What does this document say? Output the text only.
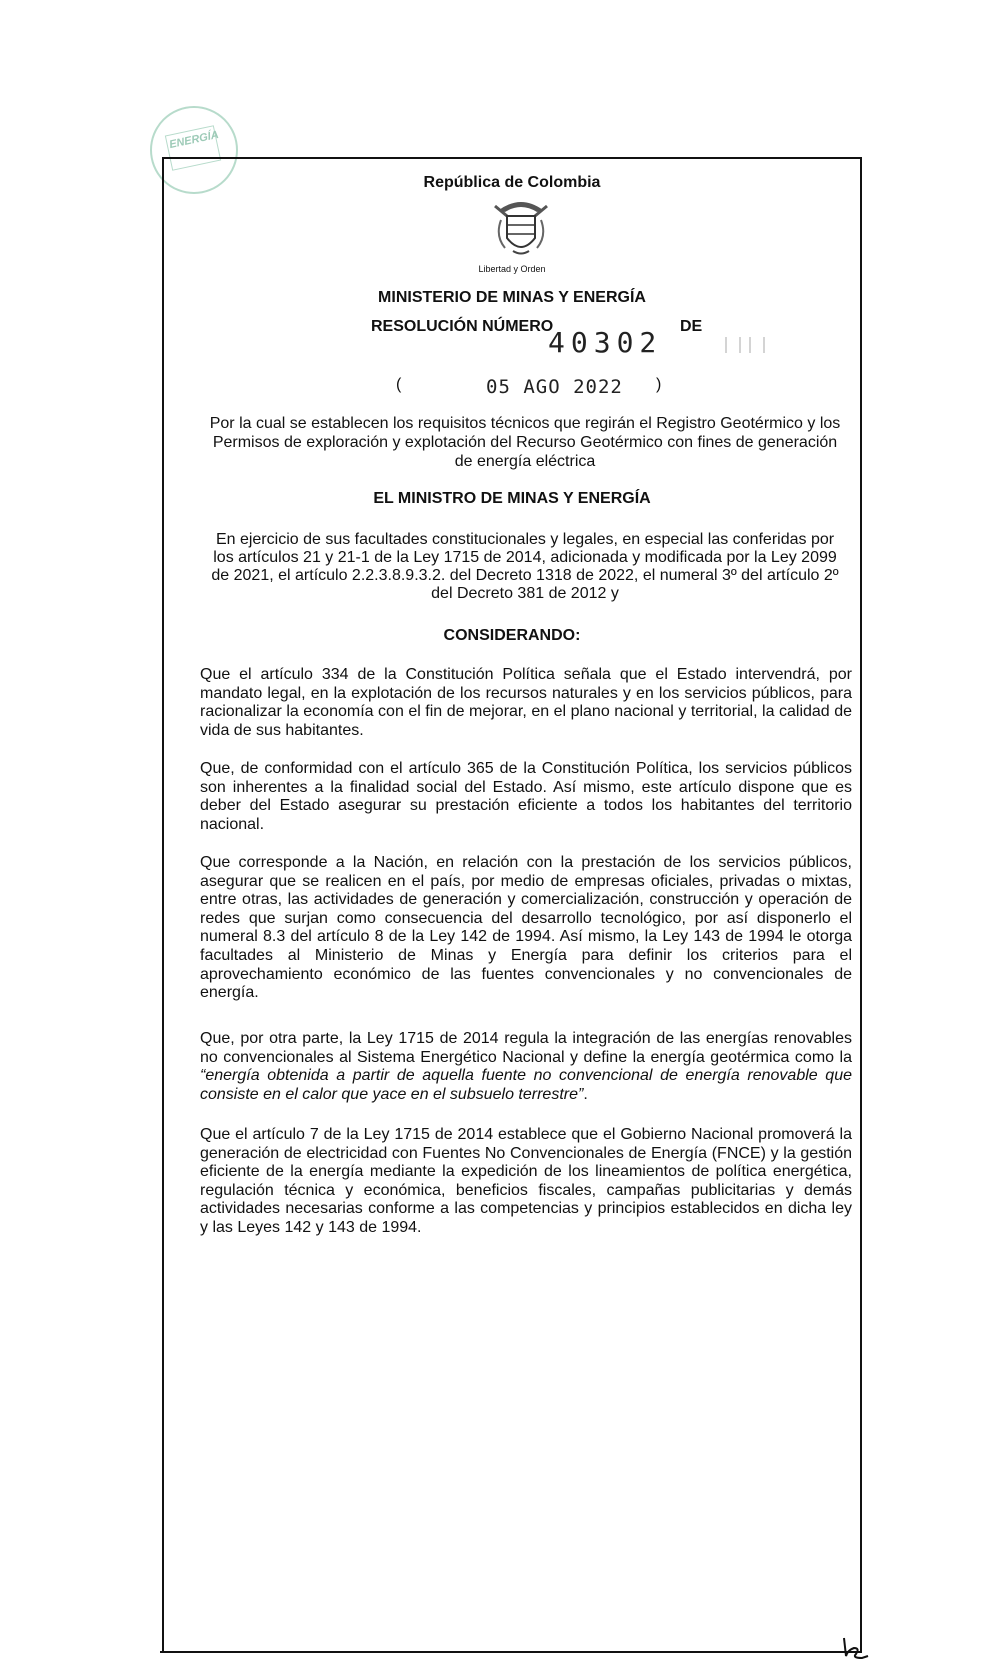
ENERGÍA
República de Colombia
Libertad y Orden
MINISTERIO DE MINAS Y ENERGÍA
RESOLUCIÓN NÚMERO
40302 DE
(	05 AGO 2022 )
Por la cual se establecen los requisitos técnicos que regirán el Registro Geotérmico y los Permisos de exploración y explotación del Recurso Geotérmico con fines de generación de energía eléctrica
EL MINISTRO DE MINAS Y ENERGÍA
En ejercicio de sus facultades constitucionales y legales, en especial las conferidas por los artículos 21 y 21-1 de la Ley 1715 de 2014, adicionada y modificada por la Ley 2099 de 2021, el artículo 2.2.3.8.9.3.2. del Decreto 1318 de 2022, el numeral 3º del artículo 2º del Decreto 381 de 2012 y
CONSIDERANDO:

Que el artículo 334 de la Constitución Política señala que el Estado intervendrá, por mandato legal, en la explotación de los recursos naturales y en los servicios públicos, para racionalizar la economía con el fin de mejorar, en el plano nacional y territorial, la calidad de vida de sus habitantes.

Que, de conformidad con el artículo 365 de la Constitución Política, los servicios públicos son inherentes a la finalidad social del Estado. Así mismo, este artículo dispone que es deber del Estado asegurar su prestación eficiente a todos los habitantes del territorio nacional.

Que corresponde a la Nación, en relación con la prestación de los servicios públicos, asegurar que se realicen en el país, por medio de empresas oficiales, privadas o mixtas, entre otras, las actividades de generación y comercialización, construcción y operación de redes que surjan como consecuencia del desarrollo tecnológico, por así disponerlo el numeral 8.3 del artículo 8 de la Ley 142 de 1994. Así mismo, la Ley 143 de 1994 le otorga facultades al Ministerio de Minas y Energía para definir los criterios para el aprovechamiento económico de las fuentes convencionales y no convencionales de energía.

Que, por otra parte, la Ley 1715 de 2014 regula la integración de las energías renovables no convencionales al Sistema Energético Nacional y define la energía geotérmica como la “energía obtenida a partir de aquella fuente no convencional de energía renovable que consiste en el calor que yace en el subsuelo terrestre”.

Que el artículo 7 de la Ley 1715 de 2014 establece que el Gobierno Nacional promoverá la generación de electricidad con Fuentes No Convencionales de Energía (FNCE) y la gestión eficiente de la energía mediante la expedición de los lineamientos de política energética, regulación técnica y económica, beneficios fiscales, campañas publicitarias y demás actividades necesarias conforme a las competencias y principios establecidos en dicha ley y las Leyes 142 y 143 de 1994.
